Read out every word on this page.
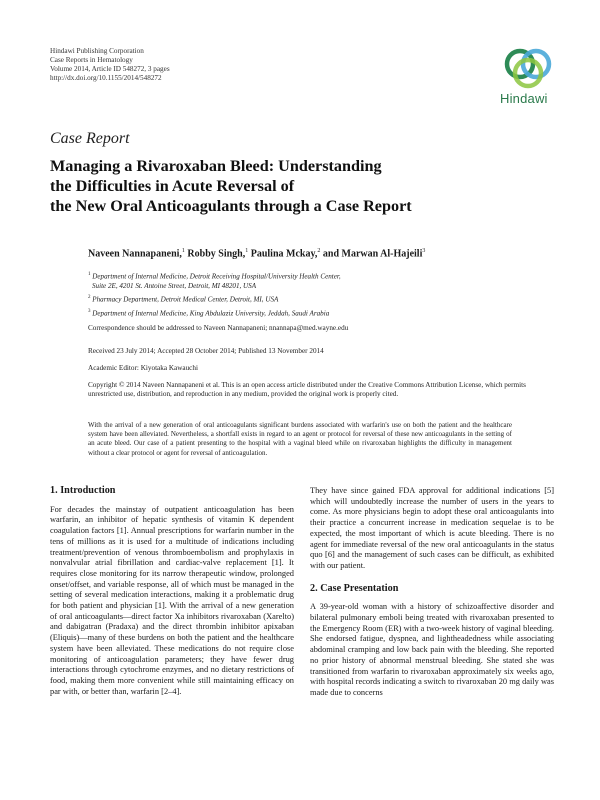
Hindawi Publishing Corporation
Case Reports in Hematology
Volume 2014, Article ID 548272, 3 pages
http://dx.doi.org/10.1155/2014/548272
Hindawi
Case Report
Managing a Rivaroxaban Bleed: Understanding
the Difficulties in Acute Reversal of
the New Oral Anticoagulants through a Case Report
Naveen Nannapaneni,$^1$ Robby Singh,$^1$ Paulina Mckay,$^2$ and Marwan Al-Hajeili$^3$
$^1$ Department of Internal Medicine, Detroit Receiving Hospital/University Health Center,
Suite 2E, 4201 St. Antoine Street, Detroit, MI 48201, USA
$^2$ Pharmacy Department, Detroit Medical Center, Detroit, MI, USA
$^3$ Department of Internal Medicine, King Abdulaziz University, Jeddah, Saudi Arabia
Correspondence should be addressed to Naveen Nannapaneni; nnannapa@med.wayne.edu
Received 23 July 2014; Accepted 28 October 2014; Published 13 November 2014
Academic Editor: Kiyotaka Kawauchi
Copyright © 2014 Naveen Nannapaneni et al. This is an open access article distributed under the Creative Commons Attribution License, which permits unrestricted use, distribution, and reproduction in any medium, provided the original work is properly cited.
With the arrival of a new generation of oral anticoagulants significant burdens associated with warfarin's use on both the patient and the healthcare system have been alleviated. Nevertheless, a shortfall exists in regard to an agent or protocol for reversal of these new anticoagulants in the setting of an acute bleed. Our case of a patient presenting to the hospital with a vaginal bleed while on rivaroxaban highlights the difficulty in management without a clear protocol or agent for reversal of anticoagulation.
1. Introduction

For decades the mainstay of outpatient anticoagulation has been warfarin, an inhibitor of hepatic synthesis of vitamin K dependent coagulation factors [1]. Annual prescriptions for warfarin number in the tens of millions as it is used for a multitude of indications including treatment/prevention of venous thromboembolism and prophylaxis in nonvalvular atrial fibrillation and cardiac-valve replacement [1]. It requires close monitoring for its narrow therapeutic window, prolonged onset/offset, and variable response, all of which must be managed in the setting of several medication interactions, making it a problematic drug for both patient and physician [1]. With the arrival of a new generation of oral anticoagulants—direct factor Xa inhibitors rivaroxaban (Xarelto) and dabigatran (Pradaxa) and the direct thrombin inhibitor apixaban (Eliquis)—many of these burdens on both the patient and the healthcare system have been alleviated. These medications do not require close monitoring of anticoagulation parameters; they have fewer drug interactions through cytochrome enzymes, and no dietary restrictions of food, making them more convenient while still maintaining efficacy on par with, or better than, warfarin [2–4].

They have since gained FDA approval for additional indications [5] which will undoubtedly increase the number of users in the years to come. As more physicians begin to adopt these oral anticoagulants into their practice a concurrent increase in medication sequelae is to be expected, the most important of which is acute bleeding. There is no agent for immediate reversal of the new oral anticoagulants in the status quo [6] and the management of such cases can be difficult, as exhibited with our patient.

2. Case Presentation

A 39-year-old woman with a history of schizoaffective disorder and bilateral pulmonary emboli being treated with rivaroxaban presented to the Emergency Room (ER) with a two-week history of vaginal bleeding. She endorsed fatigue, dyspnea, and lightheadedness while associating abdominal cramping and low back pain with the bleeding. She reported no prior history of abnormal menstrual bleeding. She stated she was transitioned from warfarin to rivaroxaban approximately six weeks ago, with hospital records indicating a switch to rivaroxaban 20 mg daily was made due to concerns
